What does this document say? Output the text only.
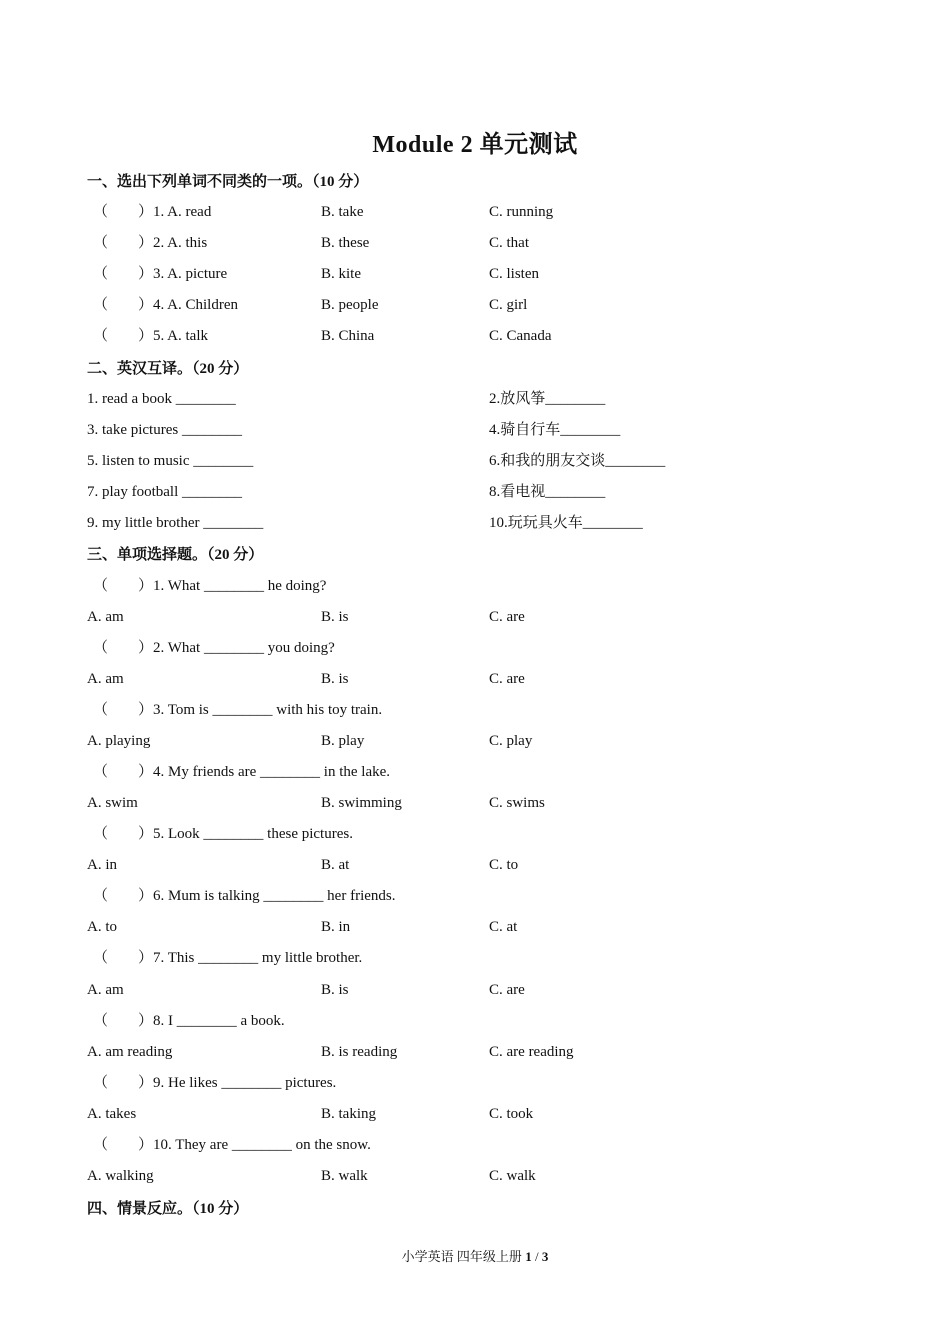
Module 2 单元测试
一、选出下列单词不同类的一项。（10 分）
（　　） 1. A. read	B. take	C. running
（　　） 2. A. this	B. these	C. that
（　　） 3. A. picture	B. kite	C. listen
（　　） 4. A. Children	B. people	C. girl
（　　） 5. A. talk	B. China	C. Canada
二、英汉互译。（20 分）
1. read a book ________	2.放风筝________
3. take pictures ________	4.骑自行车________
5. listen to music ________	6.和我的朋友交谈________
7. play football ________	8.看电视________
9. my little brother ________	10.玩玩具火车________
三、单项选择题。（20 分）
（　　） 1. What ________ he doing?
A. am	B. is	C. are
（　　） 2. What ________ you doing?
A. am	B. is	C. are
（　　） 3. Tom is ________ with his toy train.
A. playing	B. play	C. play
（　　） 4. My friends are ________ in the lake.
A. swim	B. swimming	C. swims
（　　） 5. Look ________ these pictures.
A. in	B. at	C. to
（　　） 6. Mum is talking ________ her friends.
A. to	B. in	C. at
（　　） 7. This ________ my little brother.
A. am	B. is	C. are
（　　） 8. I ________ a book.
A. am reading	B. is reading	C. are reading
（　　） 9. He likes ________ pictures.
A. takes	B. taking	C. took
（　　） 10. They are ________ on the snow.
A. walking	B. walk	C. walk
四、情景反应。（10 分）
小学英语 四年级上册 1 / 3
